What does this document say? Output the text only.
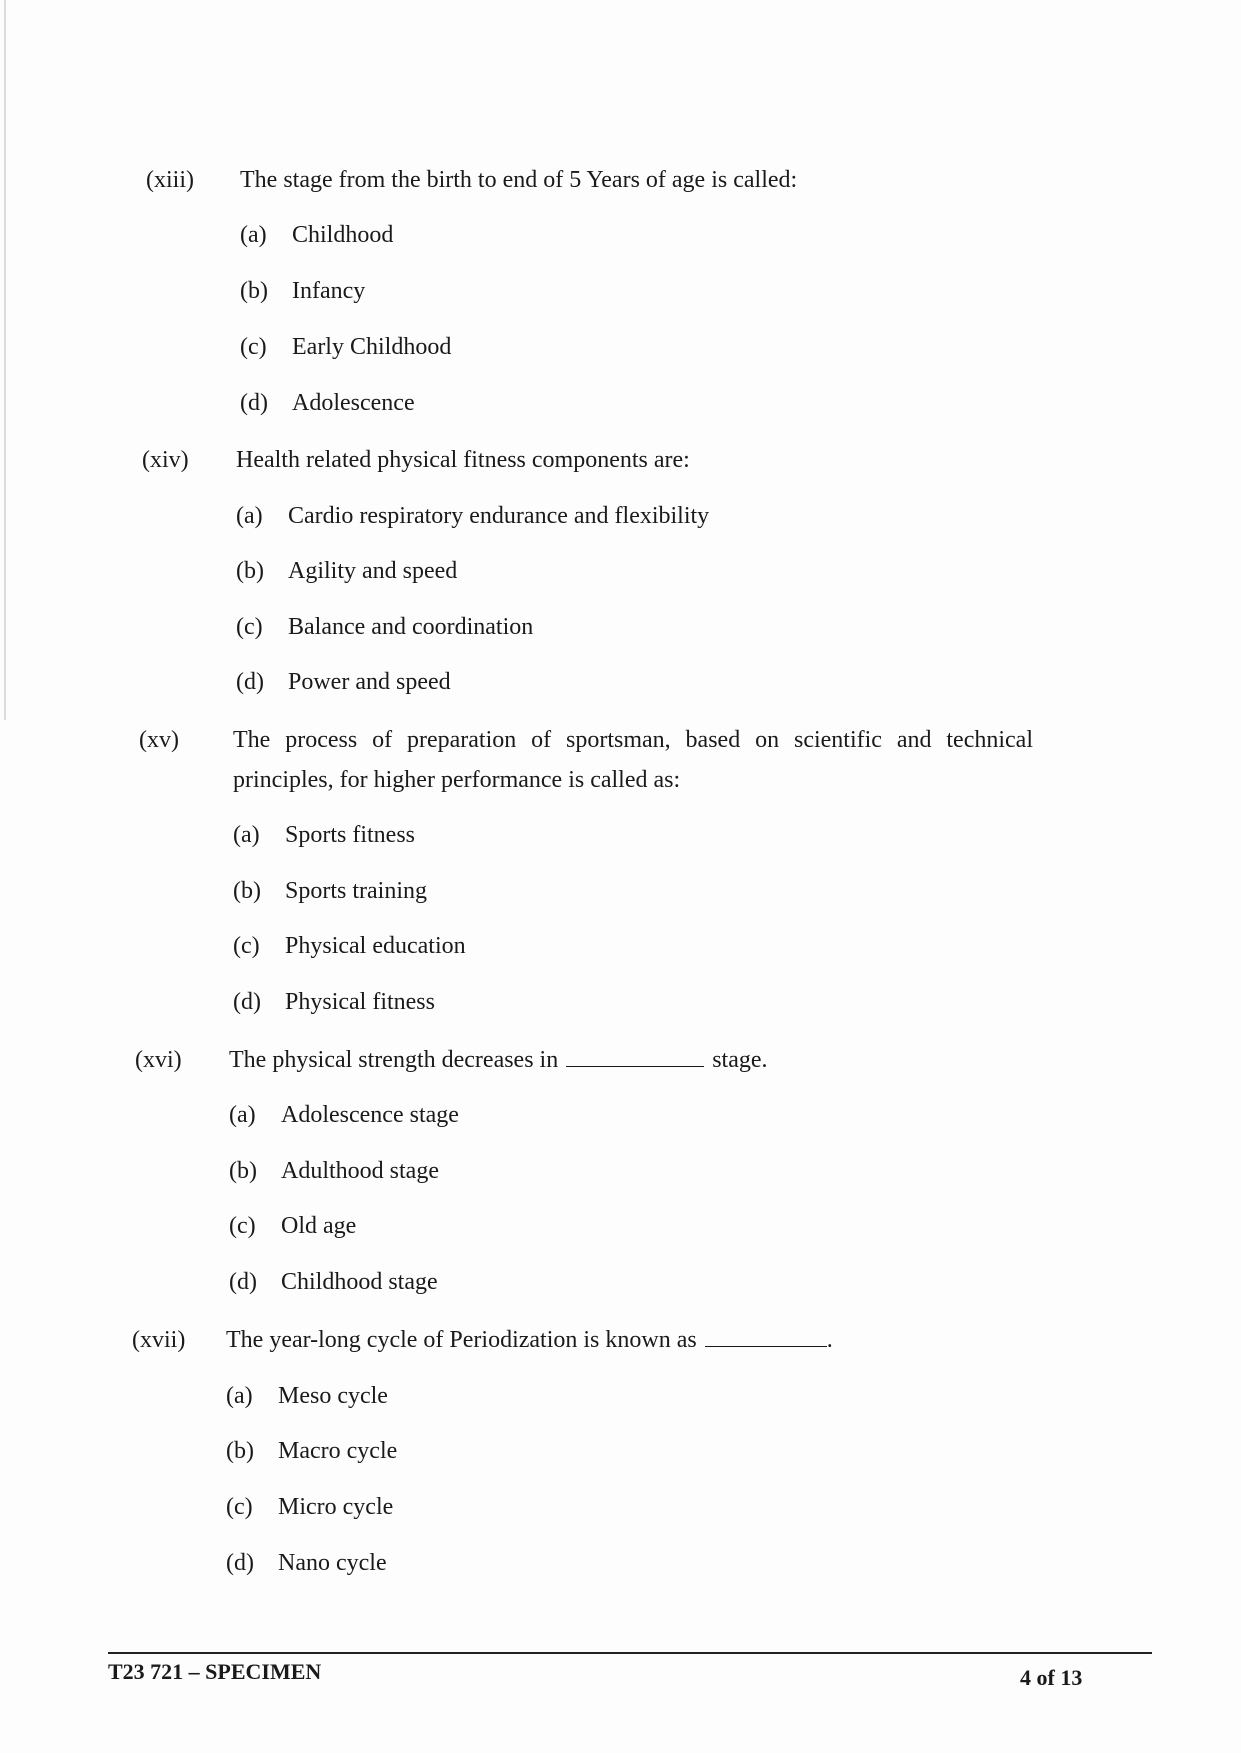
(xiii) The stage from the birth to end of 5 Years of age is called:
(a) Childhood
(b) Infancy
(c) Early Childhood
(d) Adolescence
(xiv) Health related physical fitness components are:
(a) Cardio respiratory endurance and flexibility
(b) Agility and speed
(c) Balance and coordination
(d) Power and speed
(xv) The process of preparation of sportsman, based on scientific and technical principles, for higher performance is called as:
(a) Sports fitness
(b) Sports training
(c) Physical education
(d) Physical fitness
(xvi) The physical strength decreases in	stage.
(a) Adolescence stage
(b) Adulthood stage
(c) Old age
(d) Childhood stage
(xvii) The year-long cycle of Periodization is known as	.
(a) Meso cycle
(b) Macro cycle
(c) Micro cycle
(d) Nano cycle
T23 721 – SPECIMEN	4 of 13
